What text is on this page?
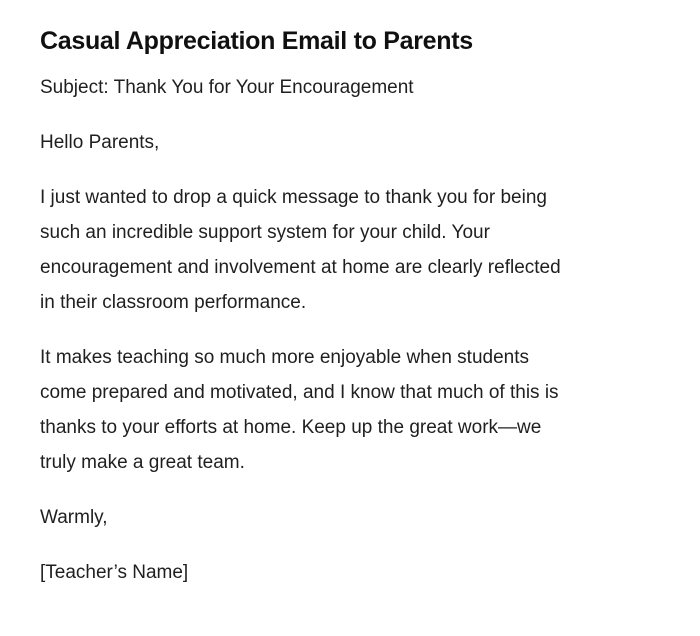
Casual Appreciation Email to Parents

Subject: Thank You for Your Encouragement

Hello Parents,

I just wanted to drop a quick message to thank you for being
such an incredible support system for your child. Your
encouragement and involvement at home are clearly reflected
in their classroom performance.

It makes teaching so much more enjoyable when students
come prepared and motivated, and I know that much of this is
thanks to your efforts at home. Keep up the great work—we
truly make a great team.

Warmly,

[Teacher’s Name]
